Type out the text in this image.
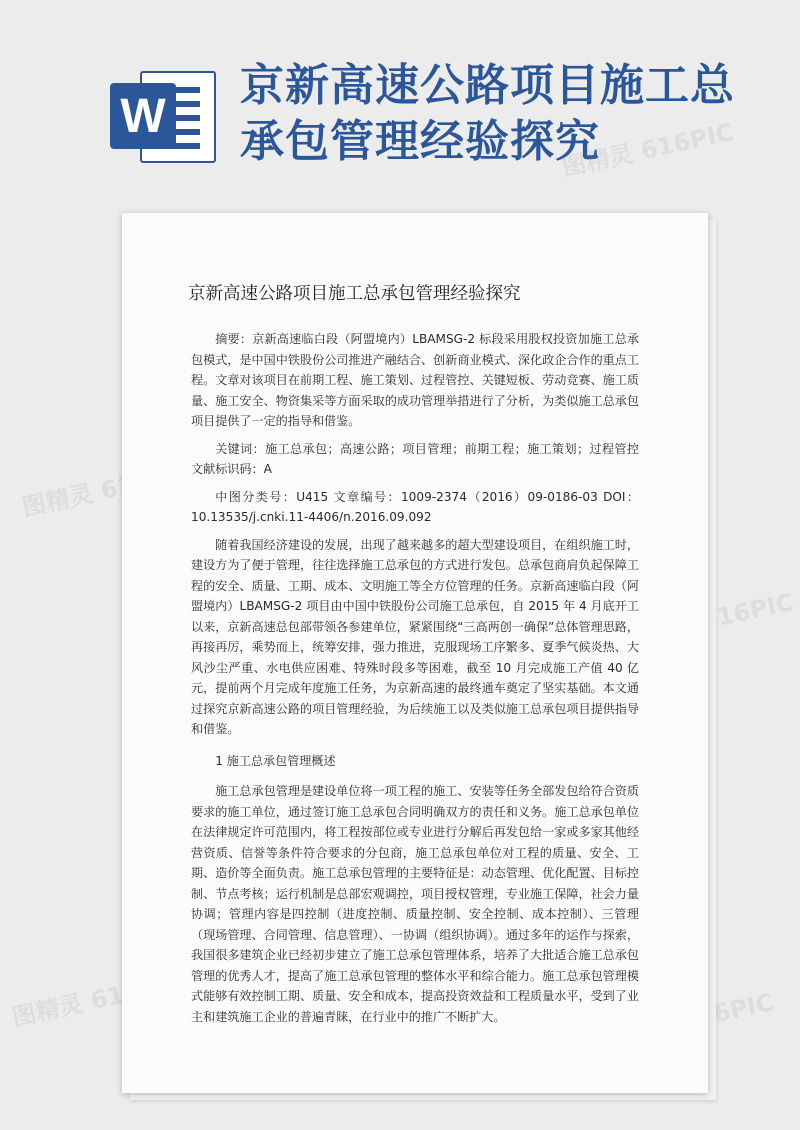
W
京新高速公路项目施工总承包管理经验探究
图精灵 616PIC
图精灵 616PIC
616PIC
图精灵 616PIC	616PIC
京新高速公路项目施工总承包管理经验探究

摘要：京新高速临白段（阿盟境内）LBAMSG-2 标段采用股权投资加施工总承包模式，是中国中铁股份公司推进产融结合、创新商业模式、深化政企合作的重点工程。文章对该项目在前期工程、施工策划、过程管控、关键短板、劳动竞赛、施工质量、施工安全、物资集采等方面采取的成功管理举措进行了分析，为类似施工总承包项目提供了一定的指导和借鉴。

关键词：施工总承包；高速公路；项目管理；前期工程；施工策划；过程管控 文献标识码：A

中图分类号：U415 文章编号：1009-2374（2016）09-0186-03 DOI：10.13535/j.cnki.11-4406/n.2016.09.092

随着我国经济建设的发展，出现了越来越多的超大型建设项目，在组织施工时，建设方为了便于管理，往往选择施工总承包的方式进行发包。总承包商肩负起保障工程的安全、质量、工期、成本、文明施工等全方位管理的任务。京新高速临白段（阿盟境内）LBAMSG-2 项目由中国中铁股份公司施工总承包，自 2015 年 4 月底开工以来，京新高速总包部带领各参建单位，紧紧围绕“三高两创一确保”总体管理思路，再接再厉，乘势而上，统筹安排，强力推进，克服现场工序繁多、夏季气候炎热、大风沙尘严重、水电供应困难、特殊时段多等困难，截至 10 月完成施工产值 40 亿元，提前两个月完成年度施工任务，为京新高速的最终通车奠定了坚实基础。本文通过探究京新高速公路的项目管理经验，为后续施工以及类似施工总承包项目提供指导和借鉴。

1 施工总承包管理概述

施工总承包管理是建设单位将一项工程的施工、安装等任务全部发包给符合资质要求的施工单位，通过签订施工总承包合同明确双方的责任和义务。施工总承包单位在法律规定许可范围内，将工程按部位或专业进行分解后再发包给一家或多家其他经营资质、信誉等条件符合要求的分包商，施工总承包单位对工程的质量、安全、工期、造价等全面负责。施工总承包管理的主要特征是：动态管理、优化配置、目标控制、节点考核；运行机制是总部宏观调控，项目授权管理，专业施工保障，社会力量协调；管理内容是四控制（进度控制、质量控制、安全控制、成本控制）、三管理（现场管理、合同管理、信息管理）、一协调（组织协调）。通过多年的运作与探索，我国很多建筑企业已经初步建立了施工总承包管理体系，培养了大批适合施工总承包管理的优秀人才，提高了施工总承包管理的整体水平和综合能力。施工总承包管理模式能够有效控制工期、质量、安全和成本，提高投资效益和工程质量水平，受到了业主和建筑施工企业的普遍青睐，在行业中的推广不断扩大。
